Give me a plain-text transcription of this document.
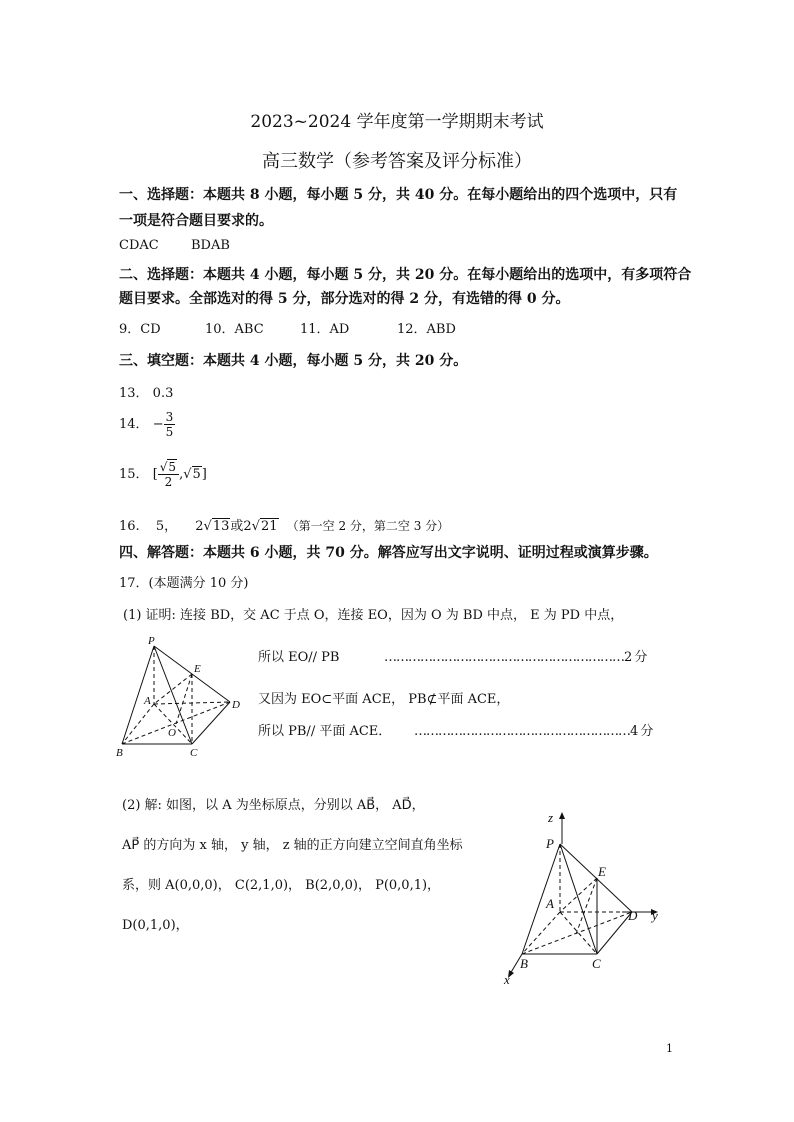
2023~2024 学年度第一学期期末考试
高三数学（参考答案及评分标准）
一、选择题：本题共 8 小题，每小题 5 分，共 40 分。在每小题给出的四个选项中，只有
一项是符合题目要求的。
CDAC BDAB
二、选择题：本题共 4 小题，每小题 5 分，共 20 分。在每小题给出的选项中，有多项符合
题目要求。全部选对的得 5 分，部分选对的得 2 分，有选错的得 0 分。
9．CD	10．ABC	11．AD	12．ABD
三、填空题：本题共 4 小题，每小题 5 分，共 20 分。
13． 0.3
14． − $\frac{3}{5}$
15． [ $\frac{√5}{2} ,√5$]
16. 5， 2√13或2√21 （第一空 2 分，第二空 3 分）
四、解答题：本题共 6 小题，共 70 分。解答应写出文字说明、证明过程或演算步骤。
17．(本题满分 10 分)
(1) 证明: 连接 BD，交 AC 于点 O，连接 EO，因为 O 为 BD 中点， E 为 PD 中点，
P
E
A	D
O
B	C
所以 EO// PB	……………………………………………………2 分
又因为 EO⊂平面 ACE， PB⊄平面 ACE，
所以 PB// 平面 ACE． ………………………………………………4 分
(2) 解: 如图，以 A 为坐标原点，分别以 AB⃗， AD⃗，
AP⃗ 的方向为 x 轴， y 轴， z 轴的正方向建立空间直角坐标
系，则 A(0,0,0)， C(2,1,0)， B(2,0,0)， P(0,0,1)，
D(0,1,0)，
z
P
E
A
D y
B	C
x
1
